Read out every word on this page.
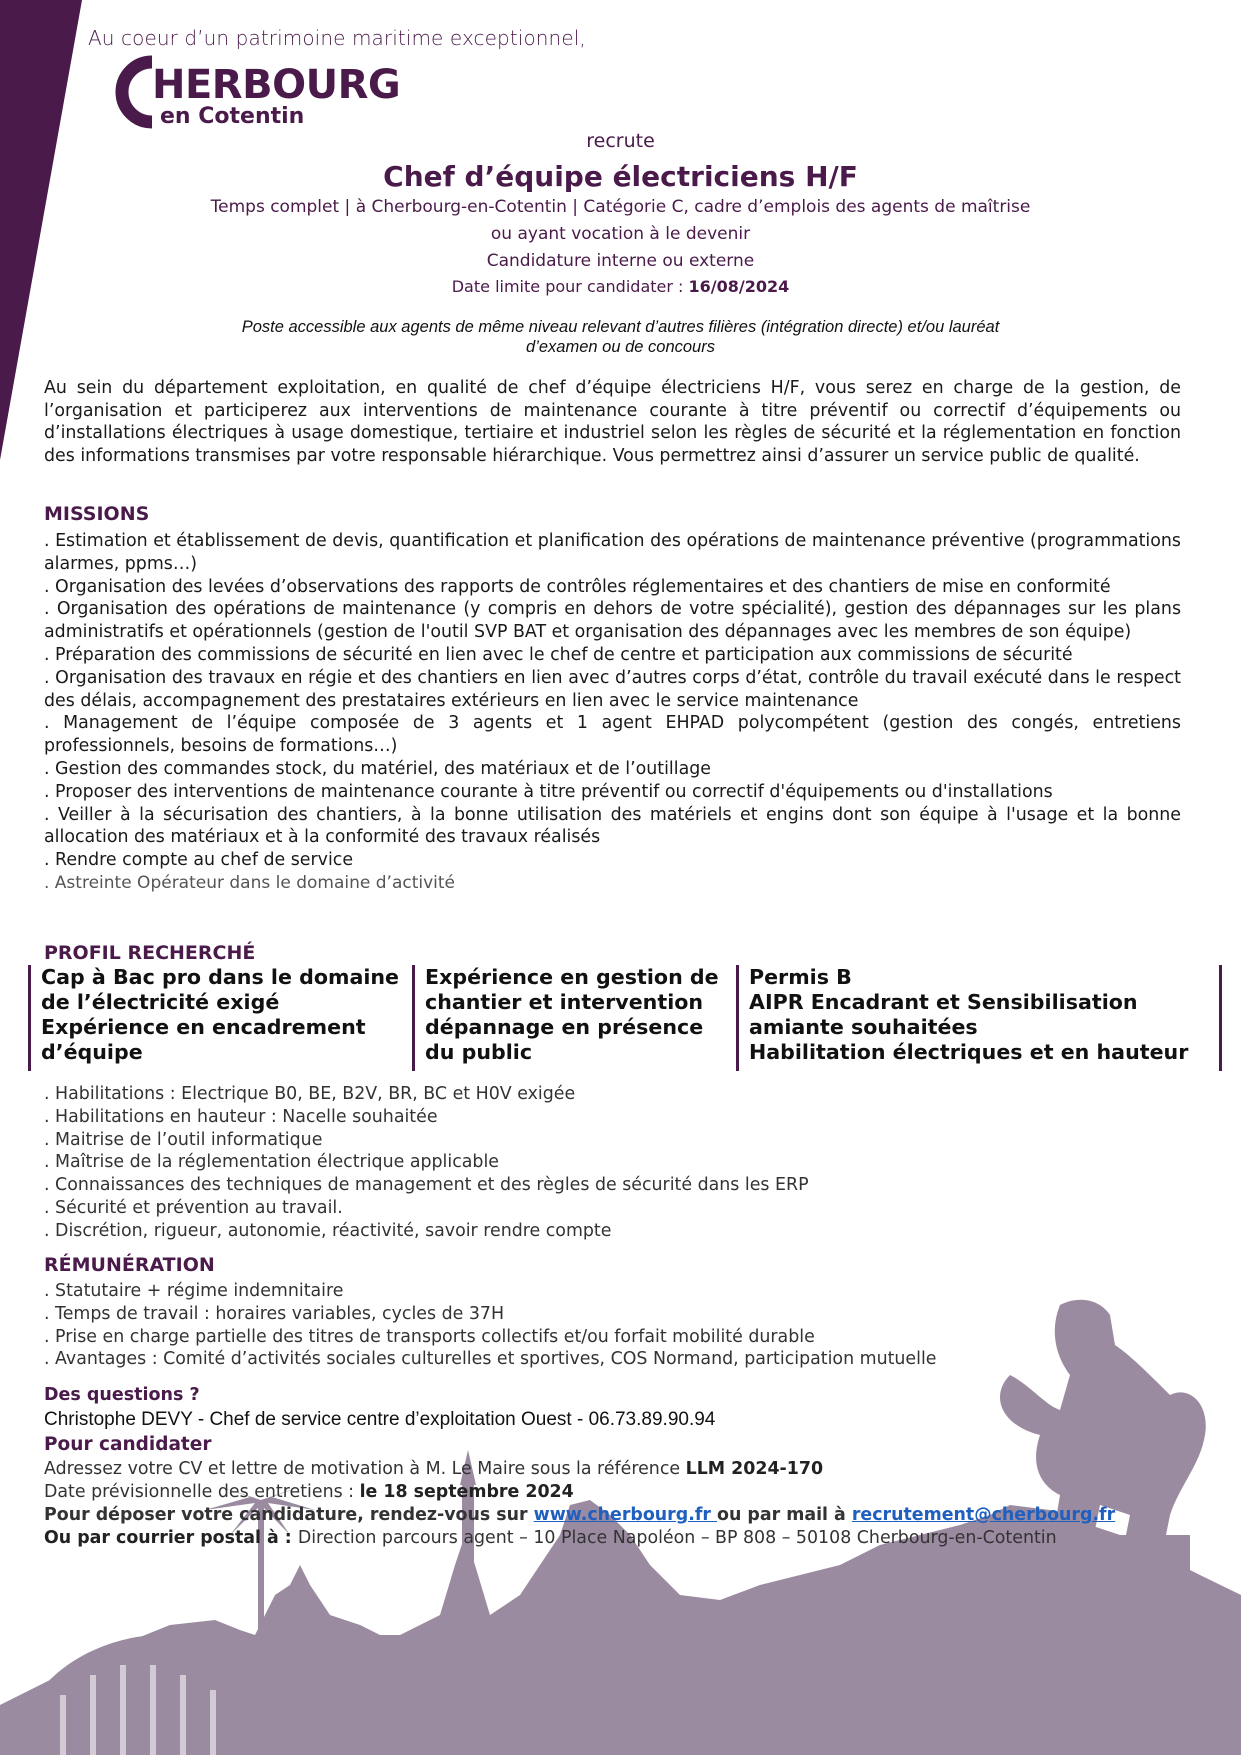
Au coeur d’un patrimoine maritime exceptionnel,
HERBOURG
en Cotentin
recrute
Chef d’équipe électriciens H/F
Temps complet | à Cherbourg-en-Cotentin | Catégorie C, cadre d’emplois des agents de maîtrise
ou ayant vocation à le devenir
Candidature interne ou externe
Date limite pour candidater : 16/08/2024
Poste accessible aux agents de même niveau relevant d’autres filières (intégration directe) et/ou lauréat
d’examen ou de concours
Au sein du département exploitation, en qualité de chef d’équipe électriciens H/F, vous serez en charge de la gestion, de l’organisation et participerez aux interventions de maintenance courante à titre préventif ou correctif d’équipements ou d’installations électriques à usage domestique, tertiaire et industriel selon les règles de sécurité et la réglementation en fonction des informations transmises par votre responsable hiérarchique. Vous permettrez ainsi d’assurer un service public de qualité.
MISSIONS
. Estimation et établissement de devis, quantification et planification des opérations de maintenance préventive (programmations alarmes, ppms…)
. Organisation des levées d’observations des rapports de contrôles réglementaires et des chantiers de mise en conformité
. Organisation des opérations de maintenance (y compris en dehors de votre spécialité), gestion des dépannages sur les plans administratifs et opérationnels (gestion de l'outil SVP BAT et organisation des dépannages avec les membres de son équipe)
. Préparation des commissions de sécurité en lien avec le chef de centre et participation aux commissions de sécurité
. Organisation des travaux en régie et des chantiers en lien avec d’autres corps d’état, contrôle du travail exécuté dans le respect des délais, accompagnement des prestataires extérieurs en lien avec le service maintenance
. Management de l’équipe composée de 3 agents et 1 agent EHPAD polycompétent (gestion des congés, entretiens professionnels, besoins de formations…)
. Gestion des commandes stock, du matériel, des matériaux et de l’outillage
. Proposer des interventions de maintenance courante à titre préventif ou correctif d'équipements ou d'installations
. Veiller à la sécurisation des chantiers, à la bonne utilisation des matériels et engins dont son équipe à l'usage et la bonne allocation des matériaux et à la conformité des travaux réalisés
. Rendre compte au chef de service
. Astreinte Opérateur dans le domaine d’activité
PROFIL RECHERCHÉ
Cap à Bac pro dans le domaine
de l’électricité exigé
Expérience en encadrement
d’équipe
Expérience en gestion de
chantier et intervention
dépannage en présence
du public
Permis B
AIPR Encadrant et Sensibilisation
amiante souhaitées
Habilitation électriques et en hauteur
. Habilitations : Electrique B0, BE, B2V, BR, BC et H0V exigée
. Habilitations en hauteur : Nacelle souhaitée
. Maitrise de l’outil informatique
. Maîtrise de la réglementation électrique applicable
. Connaissances des techniques de management et des règles de sécurité dans les ERP
. Sécurité et prévention au travail.
. Discrétion, rigueur, autonomie, réactivité, savoir rendre compte
RÉMUNÉRATION
. Statutaire + régime indemnitaire
. Temps de travail : horaires variables, cycles de 37H
. Prise en charge partielle des titres de transports collectifs et/ou forfait mobilité durable
. Avantages : Comité d’activités sociales culturelles et sportives, COS Normand, participation mutuelle
Des questions ?
Christophe DEVY - Chef de service centre d’exploitation Ouest - 06.73.89.90.94
Pour candidater
Adressez votre CV et lettre de motivation à M. Le Maire sous la référence LLM 2024-170
Date prévisionnelle des entretiens : le 18 septembre 2024
Pour déposer votre candidature, rendez-vous sur www.cherbourg.fr ou par mail à recrutement@cherbourg.fr
Ou par courrier postal à : Direction parcours agent – 10 Place Napoléon – BP 808 – 50108 Cherbourg-en-Cotentin
